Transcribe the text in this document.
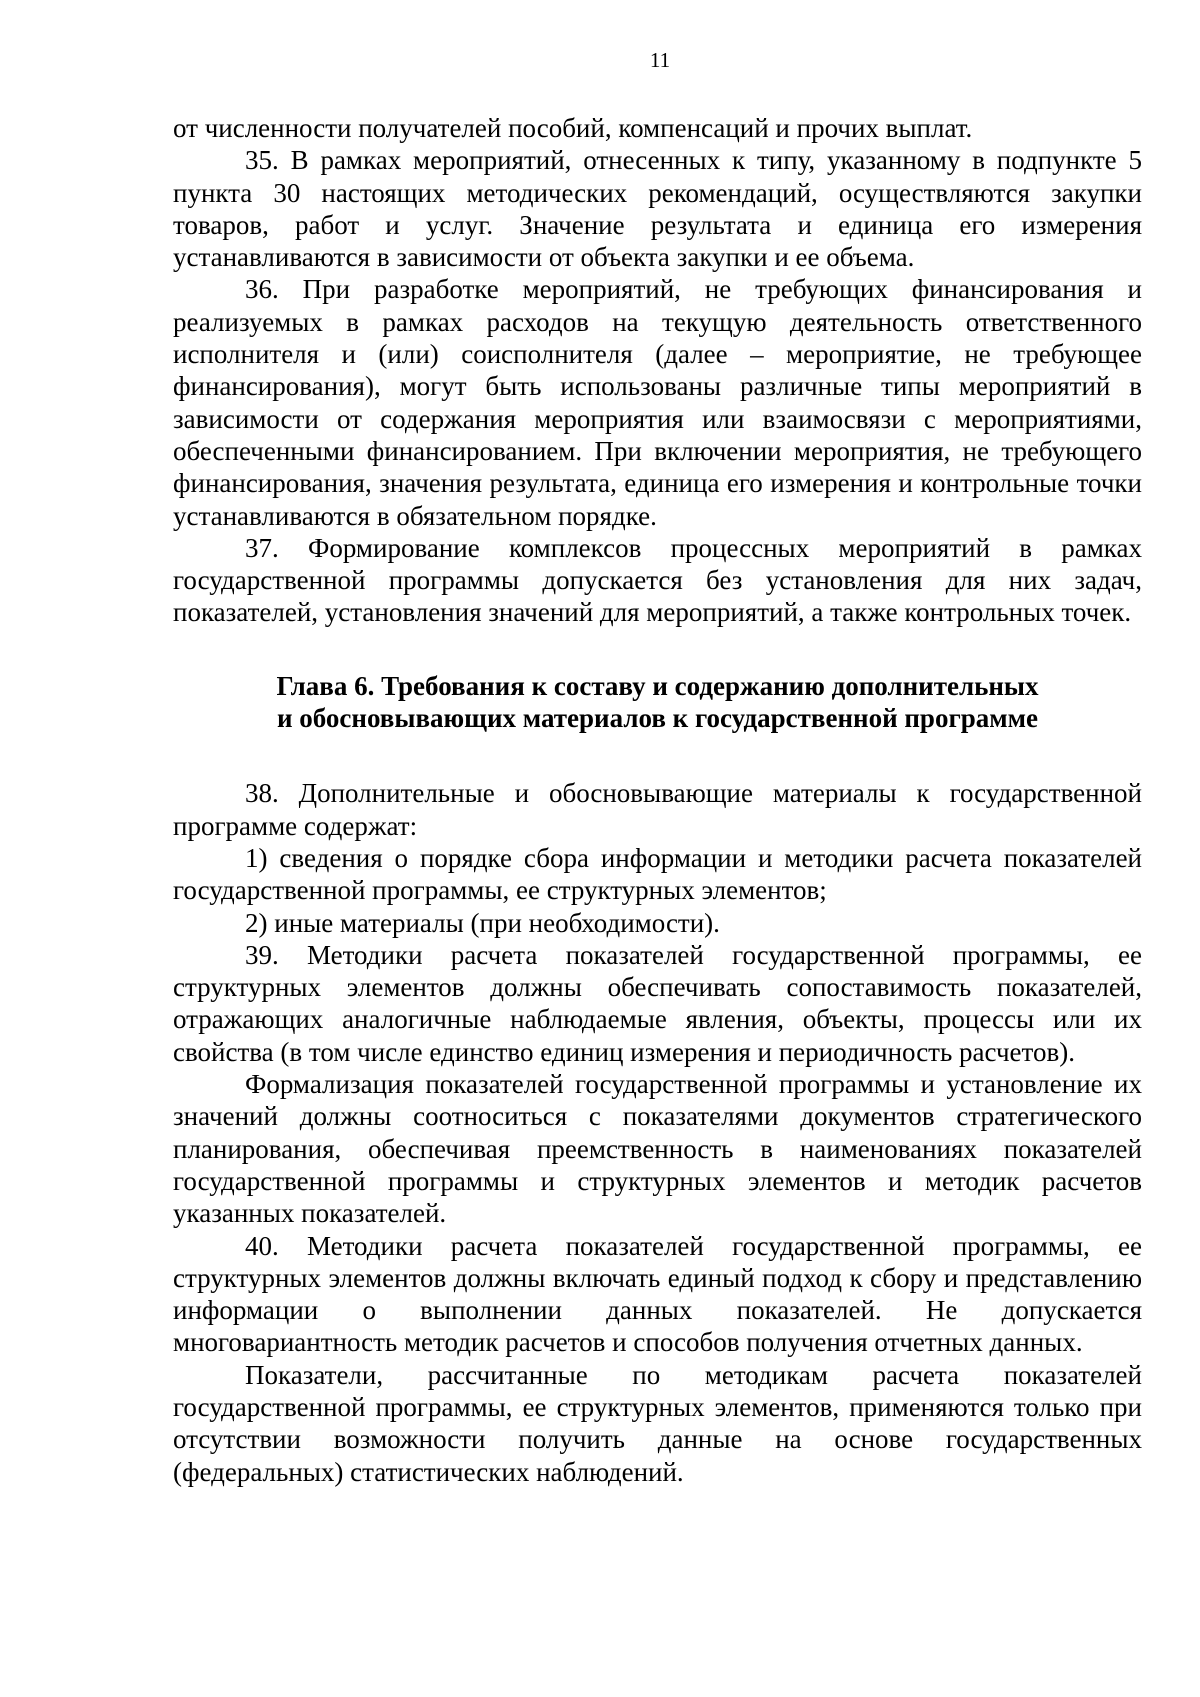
11

от численности получателей пособий, компенсаций и прочих выплат.

35. В рамках мероприятий, отнесенных к типу, указанному в подпункте 5 пункта 30 настоящих методических рекомендаций, осуществляются закупки товаров, работ и услуг. Значение результата и единица его измерения устанавливаются в зависимости от объекта закупки и ее объема.

36. При разработке мероприятий, не требующих финансирования и реализуемых в рамках расходов на текущую деятельность ответственного исполнителя и (или) соисполнителя (далее – мероприятие, не требующее финансирования), могут быть использованы различные типы мероприятий в зависимости от содержания мероприятия или взаимосвязи с мероприятиями, обеспеченными финансированием. При включении мероприятия, не требующего финансирования, значения результата, единица его измерения и контрольные точки устанавливаются в обязательном порядке.

37. Формирование комплексов процессных мероприятий в рамках государственной программы допускается без установления для них задач, показателей, установления значений для мероприятий, а также контрольных точек.

Глава 6. Требования к составу и содержанию дополнительных
и обосновывающих материалов к государственной программе

38. Дополнительные и обосновывающие материалы к государственной программе содержат:

1) сведения о порядке сбора информации и методики расчета показателей государственной программы, ее структурных элементов;

2) иные материалы (при необходимости).

39. Методики расчета показателей государственной программы, ее структурных элементов должны обеспечивать сопоставимость показателей, отражающих аналогичные наблюдаемые явления, объекты, процессы или их свойства (в том числе единство единиц измерения и периодичность расчетов).

Формализация показателей государственной программы и установление их значений должны соотноситься с показателями документов стратегического планирования, обеспечивая преемственность в наименованиях показателей государственной программы и структурных элементов и методик расчетов указанных показателей.

40. Методики расчета показателей государственной программы, ее структурных элементов должны включать единый подход к сбору и представлению информации о выполнении данных показателей. Не допускается многовариантность методик расчетов и способов получения отчетных данных.

Показатели, рассчитанные по методикам расчета показателей государственной программы, ее структурных элементов, применяются только при отсутствии возможности получить данные на основе государственных (федеральных) статистических наблюдений.
